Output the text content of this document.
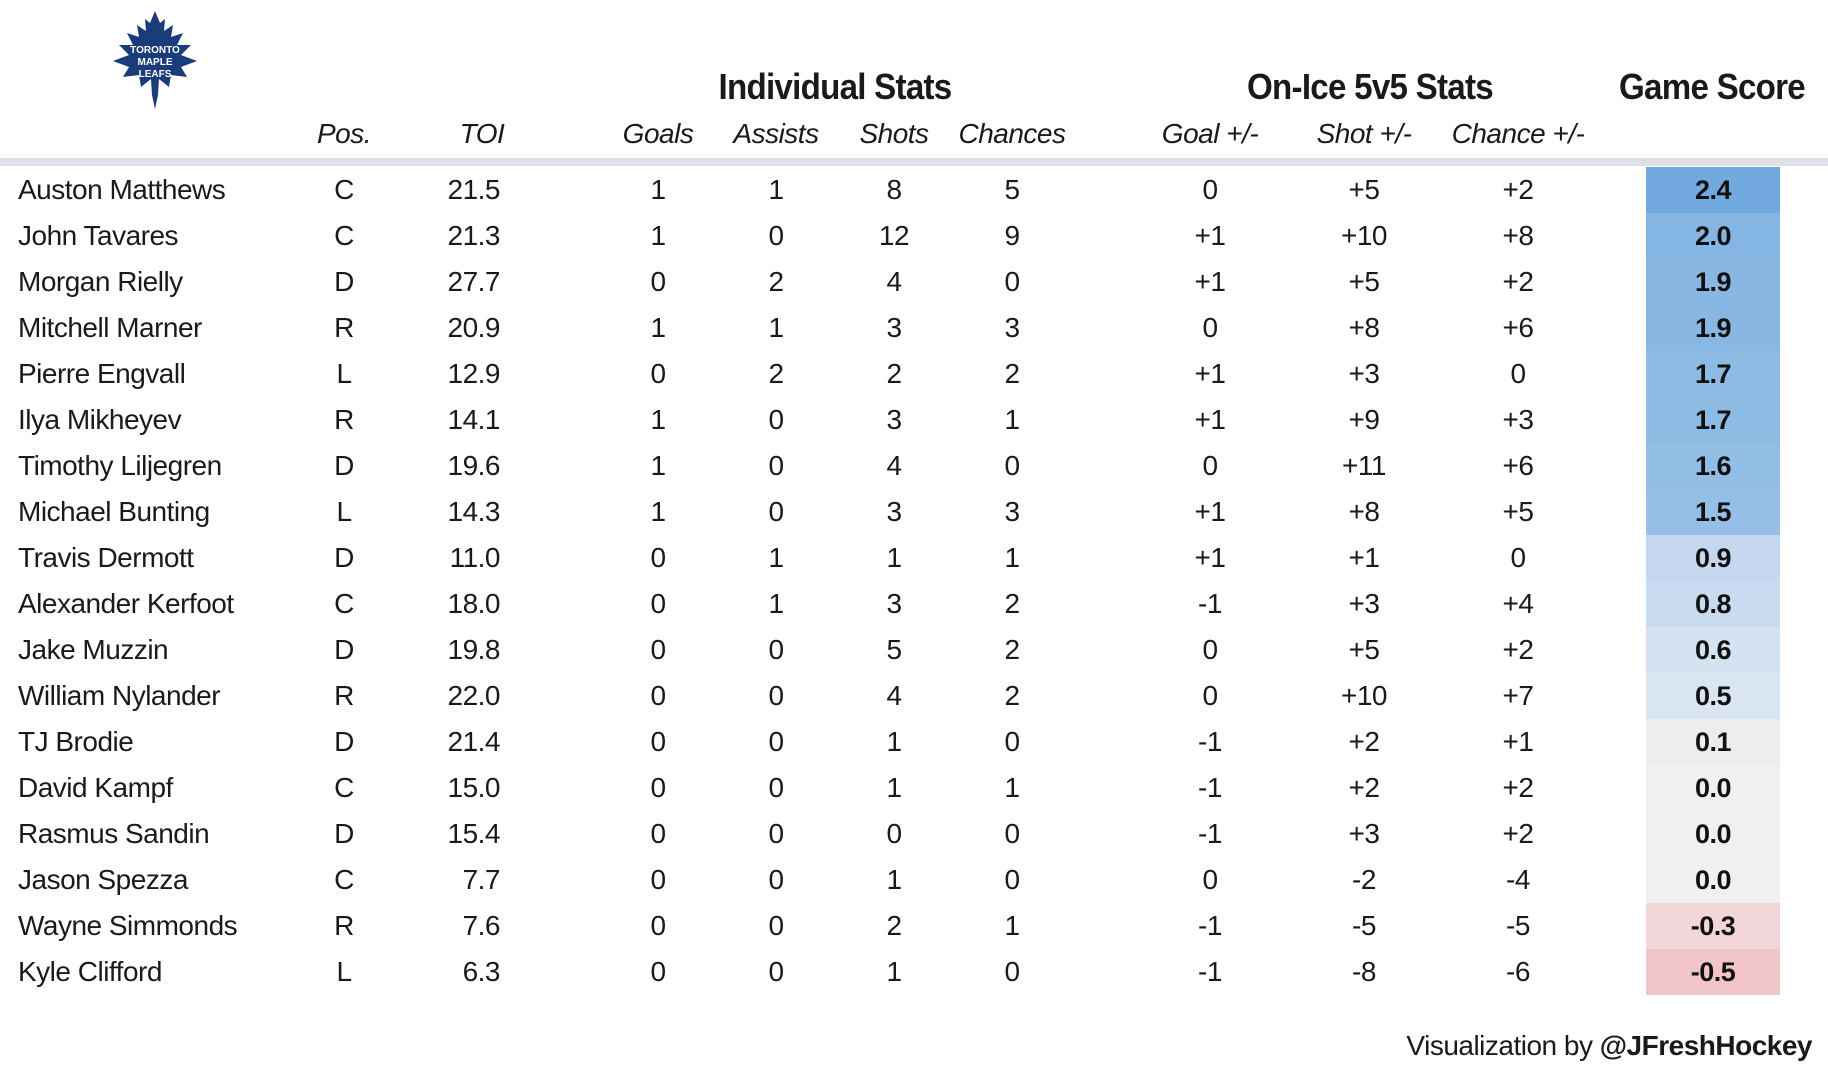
TORONTO
MAPLE
LEAFS	Individual Stats	On-Ice 5v5 Stats	Game Score
Pos.	TOI	Goals Assists Shots Chances	Goal +/- Shot +/- Chance +/-
Auston Matthews	C	21.5	1	1	8	5	0	+5	+2	2.4
John Tavares	C	21.3	1	0	12	9	+1	+10	+8	2.0
Morgan Rielly	D	27.7	0	2	4	0	+1	+5	+2	1.9
Mitchell Marner	R	20.9	1	1	3	3	0	+8	+6	1.9
Pierre Engvall	L	12.9	0	2	2	2	+1	+3	0	1.7
Ilya Mikheyev	R	14.1	1	0	3	1	+1	+9	+3	1.7
Timothy Liljegren	D	19.6	1	0	4	0	0	+11	+6	1.6
Michael Bunting	L	14.3	1	0	3	3	+1	+8	+5	1.5
Travis Dermott	D	11.0	0	1	1	1	+1	+1	0	0.9
Alexander Kerfoot	C	18.0	0	1	3	2	-1	+3	+4	0.8
Jake Muzzin	D	19.8	0	0	5	2	0	+5	+2	0.6
William Nylander	R	22.0	0	0	4	2	0	+10	+7	0.5
TJ Brodie	D	21.4	0	0	1	0	-1	+2	+1	0.1
David Kampf	C	15.0	0	0	1	1	-1	+2	+2	0.0
Rasmus Sandin	D	15.4	0	0	0	0	-1	+3	+2	0.0
Jason Spezza	C	7.7	0	0	1	0	0	-2	-4	0.0
Wayne Simmonds	R	7.6	0	0	2	1	-1	-5	-5	-0.3
Kyle Clifford	L	6.3	0	0	1	0	-1	-8	-6	-0.5
Visualization by @JFreshHockey
